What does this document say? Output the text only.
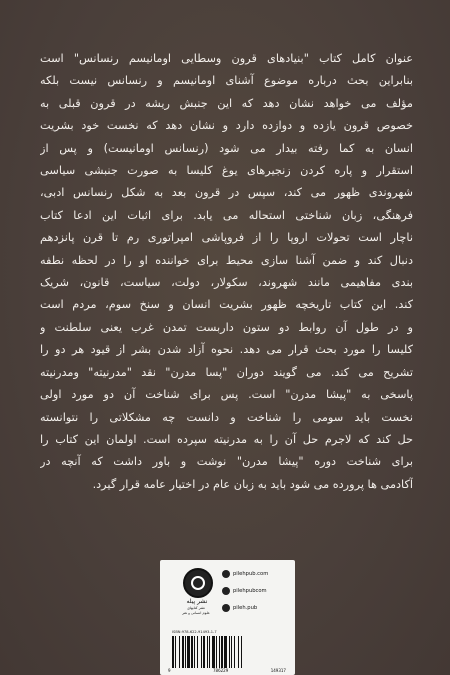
عنوان کامل کتاب "بنیادهای قرون وسطایی اومانیسم رنسانس" است
بنابراین بحث درباره موضوع آشنای اومانیسم و رنسانس نیست بلکه
مؤلف می خواهد نشان دهد که این جنبش ریشه در قرون قبلی به
خصوص قرون یازده و دوازده دارد و نشان دهد که نخست خود بشریت
انسان به کما رفته بیدار می شود (رنسانس اومانیست) و پس از
استقرار و پاره کردن زنجیرهای یوغ کلیسا به صورت جنبشی سیاسی
شهروندی ظهور می کند، سپس در قرون بعد به شکل رنسانس ادبی،
فرهنگی، زبان شناختی استحاله می یابد. برای اثبات این ادعا کتاب
ناچار است تحولات اروپا را از فروپاشی امپراتوری رم تا قرن پانزدهم
دنبال کند و ضمن آشنا سازی محیط برای خواننده او را در لحظه نطفه
بندی مفاهیمی مانند شهروند، سکولار، دولت، سیاست، قانون، شریک
کند. این کتاب تاریخچه ظهور بشریت انسان و سنخ سوم، مردم است
و در طول آن روابط دو ستون داربست تمدن غرب یعنی سلطنت و
کلیسا را مورد بحث قرار می دهد. نحوه آزاد شدن بشر از قیود هر دو را
تشریح می کند. می گویند دوران "پسا مدرن" نقد "مدرنیته" ومدرنیته
پاسخی به "پیشا مدرن" است. پس برای شناخت آن دو مورد اولی
نخست باید سومی را شناخت و دانست چه مشکلاتی را نتوانسته
حل کند که لاجرم حل آن را به مدرنیته سپرده است. اولمان این کتاب را
برای شناخت دوره "پیشا مدرن" نوشت و باور داشت که آنچه در
آکادمی ها پرورده می شود باید به زبان عام در اختیار عامه قرار گیرد.
نشر پیله
نشر کتابهای
علوم انسانی و هنر
pilehpub.com
pilehpubcom
pileh.pub
ISBN:978-622-91493-1-7
9	786229	149317
